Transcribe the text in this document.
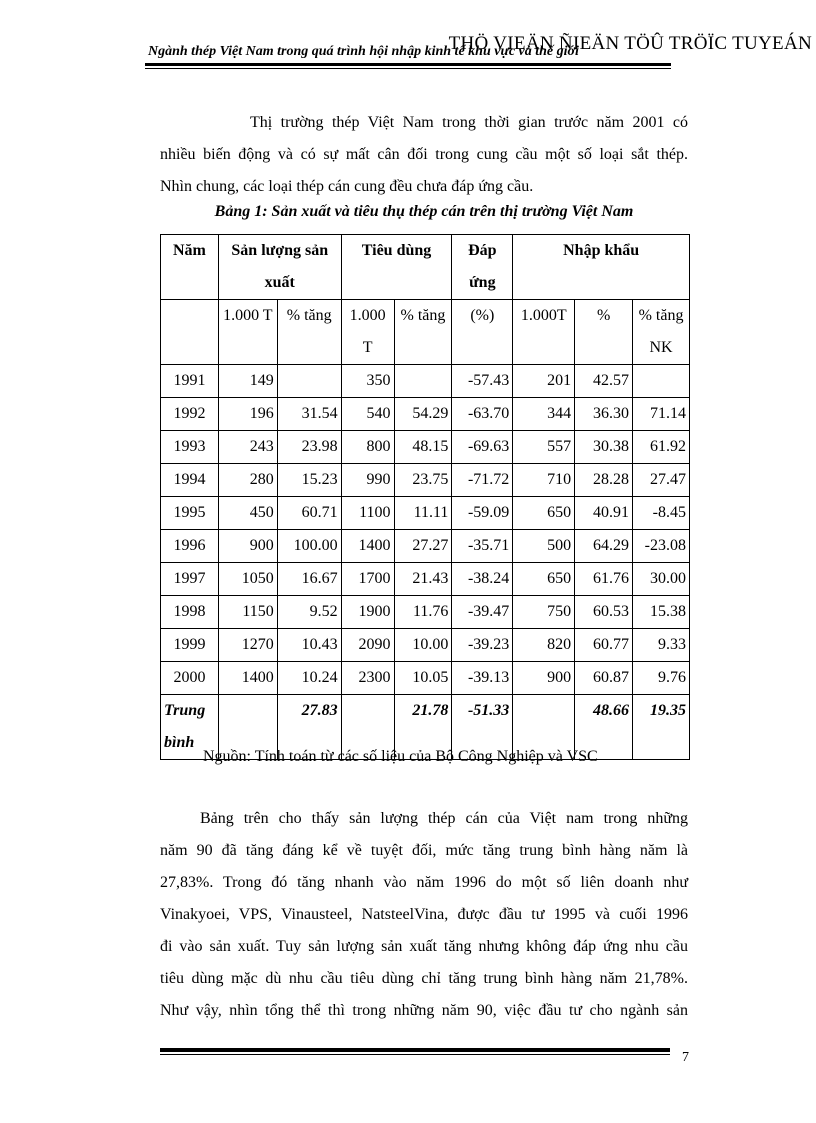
Ngành thép Việt Nam trong quá trình hội nhập kinh tế khu vực và thế giới
THÖ VIEÄN ÑIEÄN TÖÛ TRÖÏC TUYEÁN

Thị trường thép Việt Nam trong thời gian trước năm 2001 có
nhiều biến động và có sự mất cân đối trong cung cầu một số loại sắt thép.
Nhìn chung, các loại thép cán cung đều chưa đáp ứng cầu.

Bảng 1: Sản xuất và tiêu thụ thép cán trên thị trường Việt Nam
Năm	Sản lượng sản xuất		Tiêu dùng		Đáp ứng	Nhập khẩu		
	1.000 T	% tăng	1.000 T	% tăng	(%)	1.000T	%	% tăng NK
1991	149		350		-57.43	201	42.57	
1992	196	31.54	540	54.29	-63.70	344	36.30	71.14
1993	243	23.98	800	48.15	-69.63	557	30.38	61.92
1994	280	15.23	990	23.75	-71.72	710	28.28	27.47
1995	450	60.71	1100	11.11	-59.09	650	40.91	-8.45
1996	900	100.00	1400	27.27	-35.71	500	64.29	-23.08
1997	1050	16.67	1700	21.43	-38.24	650	61.76	30.00
1998	1150	9.52	1900	11.76	-39.47	750	60.53	15.38
1999	1270	10.43	2090	10.00	-39.23	820	60.77	9.33
2000	1400	10.24	2300	10.05	-39.13	900	60.87	9.76
Trung bình		27.83		21.78	-51.33		48.66	19.35
Nguồn: Tính toán từ các số liệu của Bộ Công Nghiệp và VSC

Bảng trên cho thấy sản lượng thép cán của Việt nam trong những
năm 90 đã tăng đáng kể về tuyệt đối, mức tăng trung bình hàng năm là
27,83%. Trong đó tăng nhanh vào năm 1996 do một số liên doanh như
Vinakyoei, VPS, Vinausteel, NatsteelVina, được đầu tư 1995 và cuối 1996
đi vào sản xuất. Tuy sản lượng sản xuất tăng nhưng không đáp ứng nhu cầu
tiêu dùng mặc dù nhu cầu tiêu dùng chỉ tăng trung bình hàng năm 21,78%.
Như vậy, nhìn tổng thể thì trong những năm 90, việc đầu tư cho ngành sản

7
